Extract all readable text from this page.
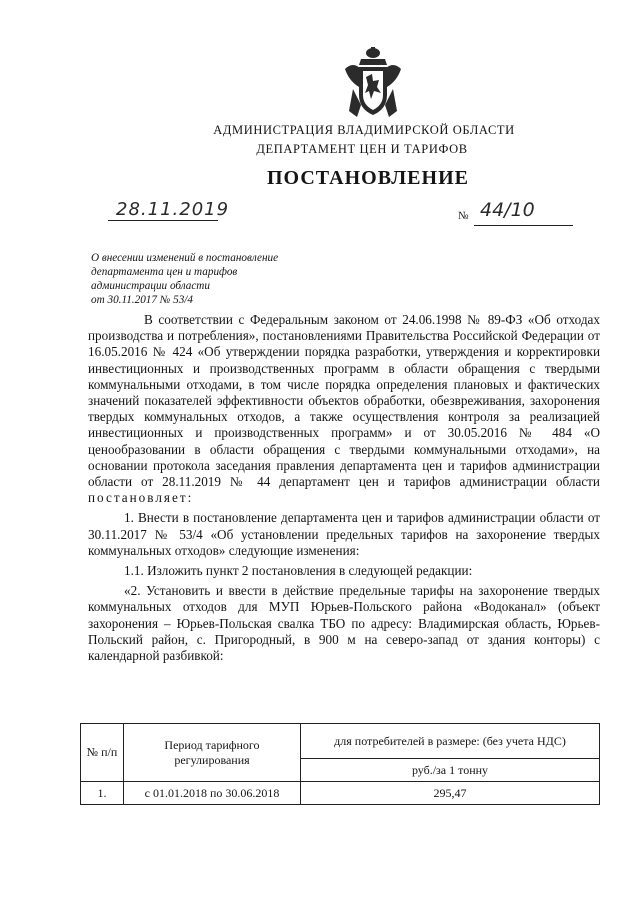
АДМИНИСТРАЦИЯ ВЛАДИМИРСКОЙ ОБЛАСТИ
ДЕПАРТАМЕНТ ЦЕН И ТАРИФОВ
ПОСТАНОВЛЕНИЕ
28.11.2019	№ 44/10
О внесении изменений в постановление
департамента цен и тарифов
администрации области
от 30.11.2017 № 53/4
В соответствии с Федеральным законом от 24.06.1998 № 89-ФЗ «Об отходах производства и потребления», постановлениями Правительства Российской Федерации от 16.05.2016 № 424 «Об утверждении порядка разработки, утверждения и корректировки инвестиционных и производственных программ в области обращения с твердыми коммунальными отходами, в том числе порядка определения плановых и фактических значений показателей эффективности объектов обработки, обезвреживания, захоронения твердых коммунальных отходов, а также осуществления контроля за реализацией инвестиционных и производственных программ» и от 30.05.2016 № 484 «О ценообразовании в области обращения с твердыми коммунальными отходами», на основании протокола заседания правления департамента цен и тарифов администрации области от 28.11.2019 № 44 департамент цен и тарифов администрации области постановляет:
1. Внести в постановление департамента цен и тарифов администрации области от 30.11.2017 № 53/4 «Об установлении предельных тарифов на захоронение твердых коммунальных отходов» следующие изменения:
1.1. Изложить пункт 2 постановления в следующей редакции:
«2. Установить и ввести в действие предельные тарифы на захоронение твердых коммунальных отходов для МУП Юрьев-Польского района «Водоканал» (объект захоронения – Юрьев-Польская свалка ТБО по адресу: Владимирская область, Юрьев-Польский район, с. Пригородный, в 900 м на северо-запад от здания конторы) с календарной разбивкой:
№ п/п	Период тарифного регулирования	для потребителей в размере: (без учета НДС)
		руб./за 1 тонну
1.	с 01.01.2018 по 30.06.2018	295,47
